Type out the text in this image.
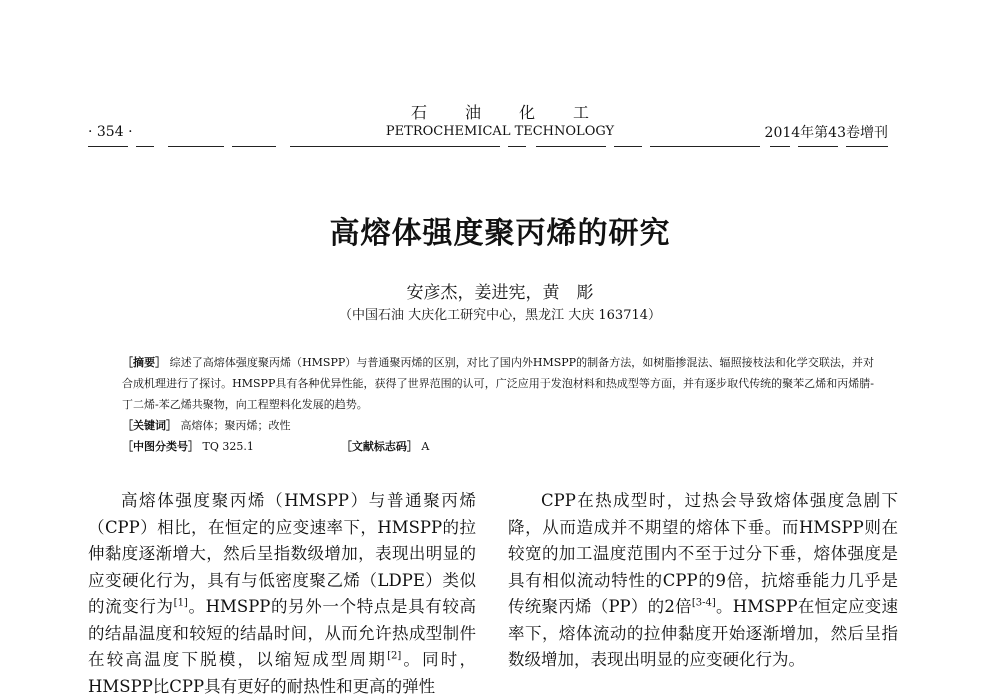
石油化工
PETROCHEMICAL TECHNOLOGY
· 354 ·	2014年第43卷增刊
高熔体强度聚丙烯的研究
安彦杰，姜进宪，黄　彫
（中国石油 大庆化工研究中心，黑龙江 大庆 163714）
［摘要］ 综述了高熔体强度聚丙烯（HMSPP）与普通聚丙烯的区别，对比了国内外HMSPP的制备方法，如树脂掺混法、辐照接枝法和化学交联法，并对合成机理进行了探讨。HMSPP具有各种优异性能，获得了世界范围的认可，广泛应用于发泡材料和热成型等方面，并有逐步取代传统的聚苯乙烯和丙烯腈-丁二烯-苯乙烯共聚物，向工程塑料化发展的趋势。
［关键词］ 高熔体；聚丙烯；改性
［中图分类号］ TQ 325.1	［文献标志码］ A

高熔体强度聚丙烯（HMSPP）与普通聚丙烯（CPP）相比，在恒定的应变速率下，HMSPP的拉伸黏度逐渐增大，然后呈指数级增加，表现出明显的应变硬化行为，具有与低密度聚乙烯（LDPE）类似的流变行为[1]。HMSPP的另外一个特点是具有较高的结晶温度和较短的结晶时间，从而允许热成型制件在较高温度下脱模，以缩短成型周期[2]。同时，HMSPP比CPP具有更好的耐热性和更高的弹性

CPP在热成型时，过热会导致熔体强度急剧下降，从而造成并不期望的熔体下垂。而HMSPP则在较宽的加工温度范围内不至于过分下垂，熔体强度是具有相似流动特性的CPP的9倍，抗熔垂能力几乎是传统聚丙烯（PP）的2倍[3-4]。HMSPP在恒定应变速率下，熔体流动的拉伸黏度开始逐渐增加，然后呈指数级增加，表现出明显的应变硬化行为。
